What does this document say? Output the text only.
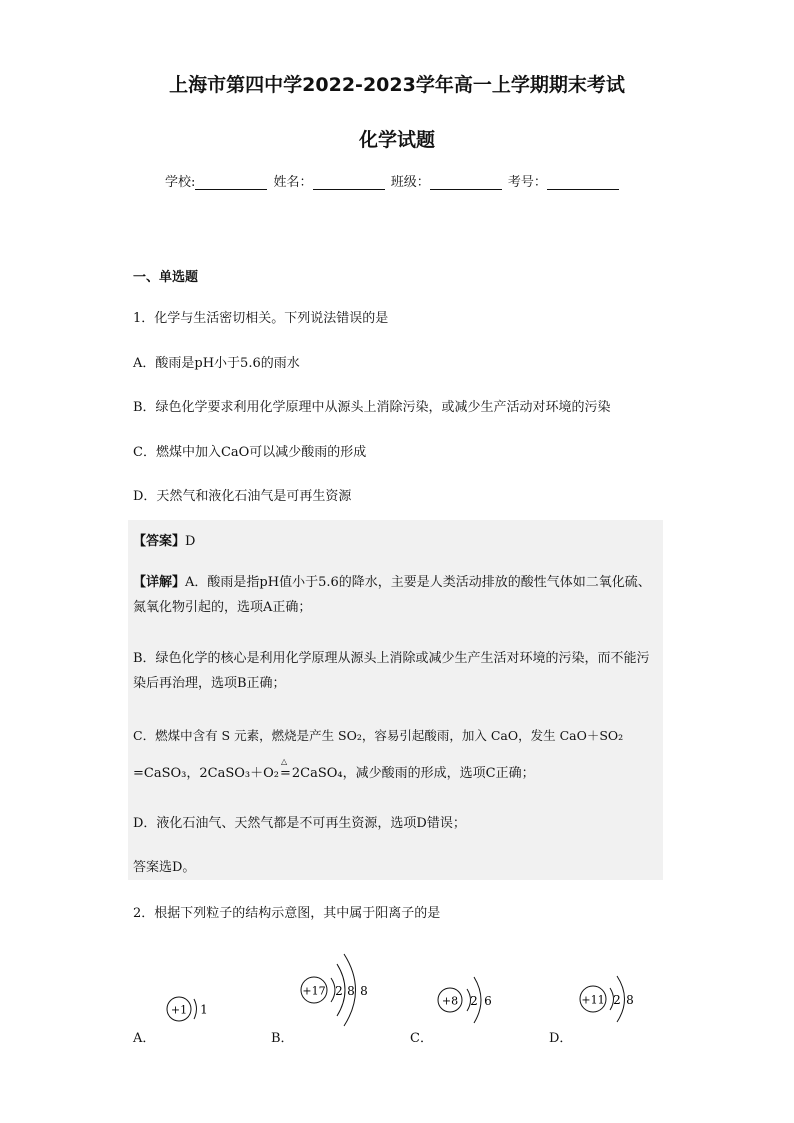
上海市第四中学2022-2023学年高一上学期期末考试
化学试题
学校:	姓名：	班级：	考号：
一、单选题
1．化学与生活密切相关。下列说法错误的是
A．酸雨是pH小于5.6的雨水
B．绿色化学要求利用化学原理中从源头上消除污染，或减少生产活动对环境的污染
C．燃煤中加入CaO可以减少酸雨的形成
D．天然气和液化石油气是可再生资源
【答案】D
【详解】A．酸雨是指pH值小于5.6的降水，主要是人类活动排放的酸性气体如二氧化硫、氮氧化物引起的，选项A正确；
B．绿色化学的核心是利用化学原理从源头上消除或减少生产生活对环境的污染，而不能污染后再治理，选项B正确；
C．燃煤中含有 S 元素，燃烧是产生 SO₂，容易引起酸雨，加入 CaO，发生 CaO＋SO₂
=CaSO₃，2CaSO₃＋O₂
△
=2CaSO₄，减少酸雨的形成，选项C正确；
D．液化石油气、天然气都是不可再生资源，选项D错误；
答案选D。
2．根据下列粒子的结构示意图，其中属于阳离子的是
A．
+1 1
B．
+17 2 8 8
C．
+8 2 6
D．
+11 2 8
